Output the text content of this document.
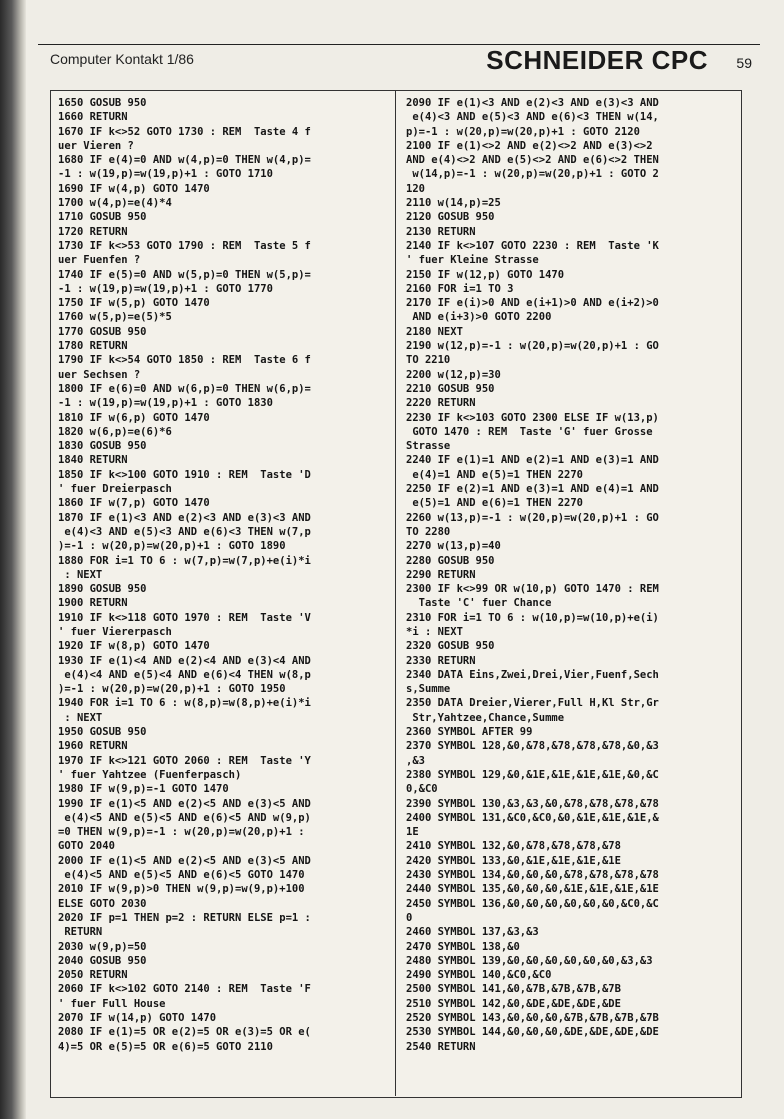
Computer Kontakt 1/86	SCHNEIDER CPC 59
1650 GOSUB 950
1660 RETURN
1670 IF k<>52 GOTO 1730 : REM  Taste 4 f
uer Vieren ?
1680 IF e(4)=0 AND w(4,p)=0 THEN w(4,p)=
-1 : w(19,p)=w(19,p)+1 : GOTO 1710
1690 IF w(4,p) GOTO 1470
1700 w(4,p)=e(4)*4
1710 GOSUB 950
1720 RETURN
1730 IF k<>53 GOTO 1790 : REM  Taste 5 f
uer Fuenfen ?
1740 IF e(5)=0 AND w(5,p)=0 THEN w(5,p)=
-1 : w(19,p)=w(19,p)+1 : GOTO 1770
1750 IF w(5,p) GOTO 1470
1760 w(5,p)=e(5)*5
1770 GOSUB 950
1780 RETURN
1790 IF k<>54 GOTO 1850 : REM  Taste 6 f
uer Sechsen ?
1800 IF e(6)=0 AND w(6,p)=0 THEN w(6,p)=
-1 : w(19,p)=w(19,p)+1 : GOTO 1830
1810 IF w(6,p) GOTO 1470
1820 w(6,p)=e(6)*6
1830 GOSUB 950
1840 RETURN
1850 IF k<>100 GOTO 1910 : REM  Taste 'D
' fuer Dreierpasch
1860 IF w(7,p) GOTO 1470
1870 IF e(1)<3 AND e(2)<3 AND e(3)<3 AND
e(4)<3 AND e(5)<3 AND e(6)<3 THEN w(7,p
)=-1 : w(20,p)=w(20,p)+1 : GOTO 1890
1880 FOR i=1 TO 6 : w(7,p)=w(7,p)+e(i)*i
: NEXT
1890 GOSUB 950
1900 RETURN
1910 IF k<>118 GOTO 1970 : REM  Taste 'V
' fuer Viererpasch
1920 IF w(8,p) GOTO 1470
1930 IF e(1)<4 AND e(2)<4 AND e(3)<4 AND
e(4)<4 AND e(5)<4 AND e(6)<4 THEN w(8,p
)=-1 : w(20,p)=w(20,p)+1 : GOTO 1950
1940 FOR i=1 TO 6 : w(8,p)=w(8,p)+e(i)*i
: NEXT
1950 GOSUB 950
1960 RETURN
1970 IF k<>121 GOTO 2060 : REM  Taste 'Y
' fuer Yahtzee (Fuenferpasch)
1980 IF w(9,p)=-1 GOTO 1470
1990 IF e(1)<5 AND e(2)<5 AND e(3)<5 AND
e(4)<5 AND e(5)<5 AND e(6)<5 AND w(9,p)
=0 THEN w(9,p)=-1 : w(20,p)=w(20,p)+1 :
GOTO 2040
2000 IF e(1)<5 AND e(2)<5 AND e(3)<5 AND
e(4)<5 AND e(5)<5 AND e(6)<5 GOTO 1470
2010 IF w(9,p)>0 THEN w(9,p)=w(9,p)+100
ELSE GOTO 2030
2020 IF p=1 THEN p=2 : RETURN ELSE p=1 :
RETURN
2030 w(9,p)=50
2040 GOSUB 950
2050 RETURN
2060 IF k<>102 GOTO 2140 : REM  Taste 'F
' fuer Full House
2070 IF w(14,p) GOTO 1470
2080 IF e(1)=5 OR e(2)=5 OR e(3)=5 OR e(
4)=5 OR e(5)=5 OR e(6)=5 GOTO 2110
2090 IF e(1)<3 AND e(2)<3 AND e(3)<3 AND
e(4)<3 AND e(5)<3 AND e(6)<3 THEN w(14,
p)=-1 : w(20,p)=w(20,p)+1 : GOTO 2120
2100 IF e(1)<>2 AND e(2)<>2 AND e(3)<>2
AND e(4)<>2 AND e(5)<>2 AND e(6)<>2 THEN
w(14,p)=-1 : w(20,p)=w(20,p)+1 : GOTO 2
120
2110 w(14,p)=25
2120 GOSUB 950
2130 RETURN
2140 IF k<>107 GOTO 2230 : REM  Taste 'K
' fuer Kleine Strasse
2150 IF w(12,p) GOTO 1470
2160 FOR i=1 TO 3
2170 IF e(i)>0 AND e(i+1)>0 AND e(i+2)>0
AND e(i+3)>0 GOTO 2200
2180 NEXT
2190 w(12,p)=-1 : w(20,p)=w(20,p)+1 : GO
TO 2210
2200 w(12,p)=30
2210 GOSUB 950
2220 RETURN
2230 IF k<>103 GOTO 2300 ELSE IF w(13,p)
GOTO 1470 : REM  Taste 'G' fuer Grosse
Strasse
2240 IF e(1)=1 AND e(2)=1 AND e(3)=1 AND
e(4)=1 AND e(5)=1 THEN 2270
2250 IF e(2)=1 AND e(3)=1 AND e(4)=1 AND
e(5)=1 AND e(6)=1 THEN 2270
2260 w(13,p)=-1 : w(20,p)=w(20,p)+1 : GO
TO 2280
2270 w(13,p)=40
2280 GOSUB 950
2290 RETURN
2300 IF k<>99 OR w(10,p) GOTO 1470 : REM
Taste 'C' fuer Chance
2310 FOR i=1 TO 6 : w(10,p)=w(10,p)+e(i)
*i : NEXT
2320 GOSUB 950
2330 RETURN
2340 DATA Eins,Zwei,Drei,Vier,Fuenf,Sech
s,Summe
2350 DATA Dreier,Vierer,Full H,Kl Str,Gr
Str,Yahtzee,Chance,Summe
2360 SYMBOL AFTER 99
2370 SYMBOL 128,&0,&78,&78,&78,&78,&0,&3
,&3
2380 SYMBOL 129,&0,&1E,&1E,&1E,&1E,&0,&C
0,&C0
2390 SYMBOL 130,&3,&3,&0,&78,&78,&78,&78
2400 SYMBOL 131,&C0,&C0,&0,&1E,&1E,&1E,&
1E
2410 SYMBOL 132,&0,&78,&78,&78,&78
2420 SYMBOL 133,&0,&1E,&1E,&1E,&1E
2430 SYMBOL 134,&0,&0,&0,&78,&78,&78,&78
2440 SYMBOL 135,&0,&0,&0,&1E,&1E,&1E,&1E
2450 SYMBOL 136,&0,&0,&0,&0,&0,&0,&C0,&C
0
2460 SYMBOL 137,&3,&3
2470 SYMBOL 138,&0
2480 SYMBOL 139,&0,&0,&0,&0,&0,&0,&3,&3
2490 SYMBOL 140,&C0,&C0
2500 SYMBOL 141,&0,&7B,&7B,&7B,&7B
2510 SYMBOL 142,&0,&DE,&DE,&DE,&DE
2520 SYMBOL 143,&0,&0,&0,&7B,&7B,&7B,&7B
2530 SYMBOL 144,&0,&0,&0,&DE,&DE,&DE,&DE
2540 RETURN
